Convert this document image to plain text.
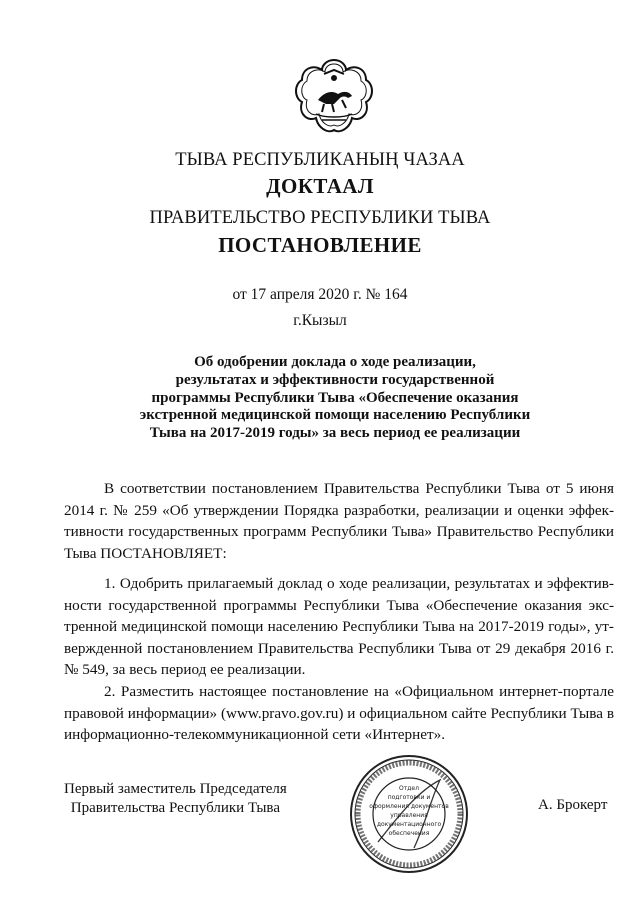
ТЫВА РЕСПУБЛИКАНЫҢ ЧАЗАА
ДОКТААЛ
ПРАВИТЕЛЬСТВО РЕСПУБЛИКИ ТЫВА
ПОСТАНОВЛЕНИЕ
от 17 апреля 2020 г. № 164
г.Кызыл
Об одобрении доклада о ходе реализации,
результатах и эффективности государственной
программы Республики Тыва «Обеспечение оказания
экстренной медицинской помощи населению Республики
Тыва на 2017-2019 годы» за весь период ее реализации
В соответствии постановлением Правительства Республики Тыва от 5 июня
2014 г. № 259 «Об утверждении Порядка разработки, реализации и оценки эффек-
тивности государственных программ Республики Тыва» Правительство Республики
Тыва ПОСТАНОВЛЯЕТ:
1. Одобрить прилагаемый доклад о ходе реализации, результатах и эффектив-
ности государственной программы Республики Тыва «Обеспечение оказания экс-
тренной медицинской помощи населению Республики Тыва на 2017-2019 годы», ут-
вержденной постановлением Правительства Республики Тыва от 29 декабря 2016 г.
№ 549, за весь период ее реализации.
2. Разместить настоящее постановление на «Официальном интернет-портале
правовой информации» (www.pravo.gov.ru) и официальном сайте Республики Тыва в
информационно-телекоммуникационной сети «Интернет».
Первый заместитель Председателя
Правительства Республики Тыва
Отдел
подготовки и
оформления документов
управления
документационного
обеспечения
А. Брокерт
